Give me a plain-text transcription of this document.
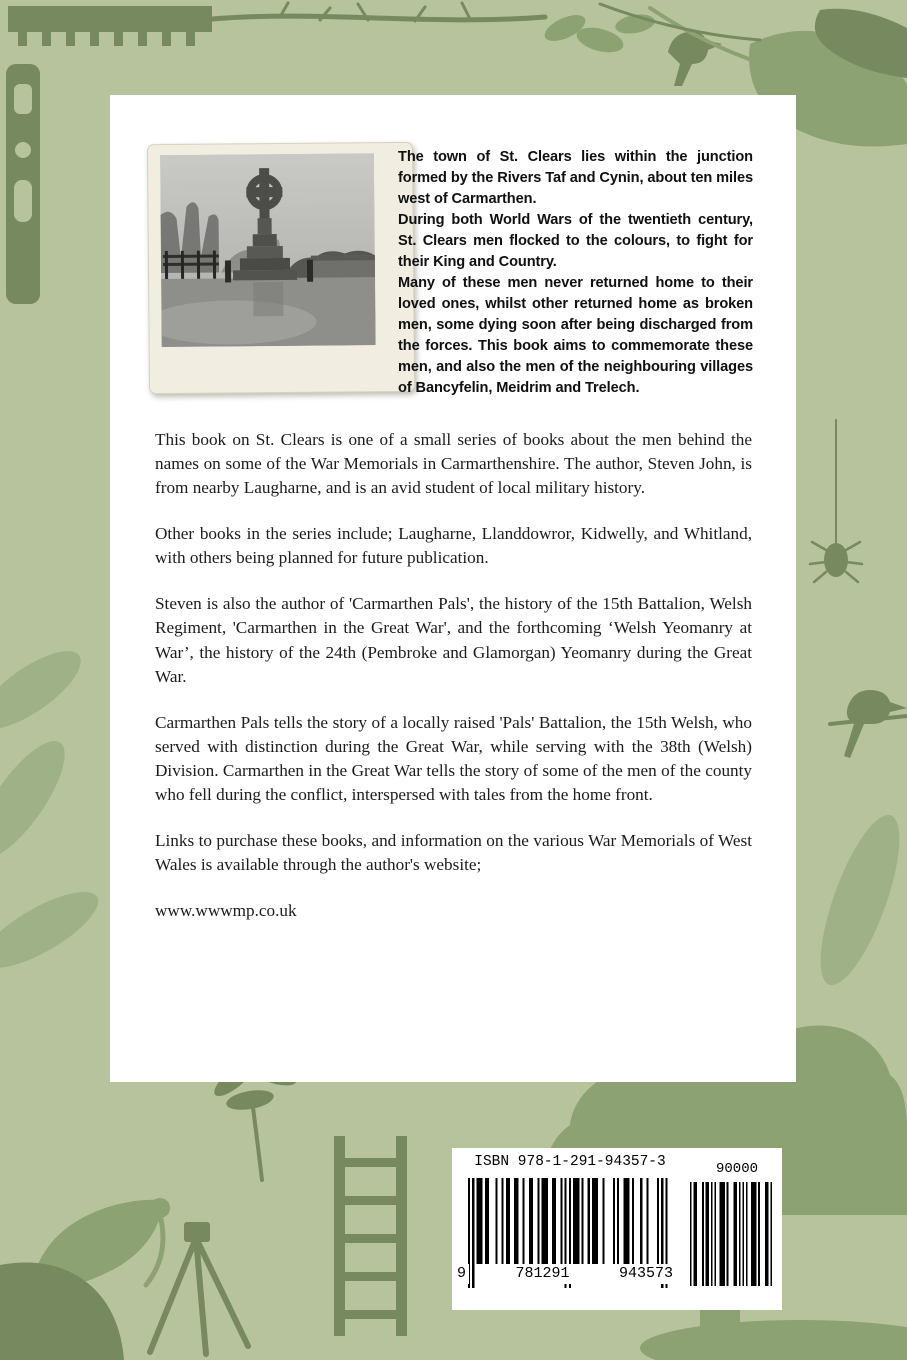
The town of St. Clears lies within the junction formed by the Rivers Taf and Cynin, about ten miles west of Carmarthen.

During both World Wars of the twentieth century, St. Clears men flocked to the colours, to fight for their King and Country.

Many of these men never returned home to their loved ones, whilst other returned home as broken men, some dying soon after being discharged from the forces. This book aims to commemorate these men, and also the men of the neighbouring villages of Bancyfelin, Meidrim and Trelech.

This book on St. Clears is one of a small series of books about the men behind the names on some of the War Memorials in Carmarthenshire. The author, Steven John, is from nearby Laugharne, and is an avid student of local military history.

Other books in the series include; Laugharne, Llanddowror, Kidwelly, and Whitland, with others being planned for future publication.

Steven is also the author of 'Carmarthen Pals', the history of the 15th Battalion, Welsh Regiment, 'Carmarthen in the Great War', and the forthcoming ‘Welsh Yeomanry at War’, the history of the 24th (Pembroke and Glamorgan) Yeomanry during the Great War.

Carmarthen Pals tells the story of a locally raised 'Pals' Battalion, the 15th Welsh, who served with distinction during the Great War, while serving with the 38th (Welsh) Division. Carmarthen in the Great War tells the story of some of the men of the county who fell during the conflict, interspersed with tales from the home front.

Links to purchase these books, and information on the various War Memorials of West Wales is available through the author's website;

www.wwwmp.co.uk

ISBN 978-1-291-94357-3	90000
9	781291	943573
